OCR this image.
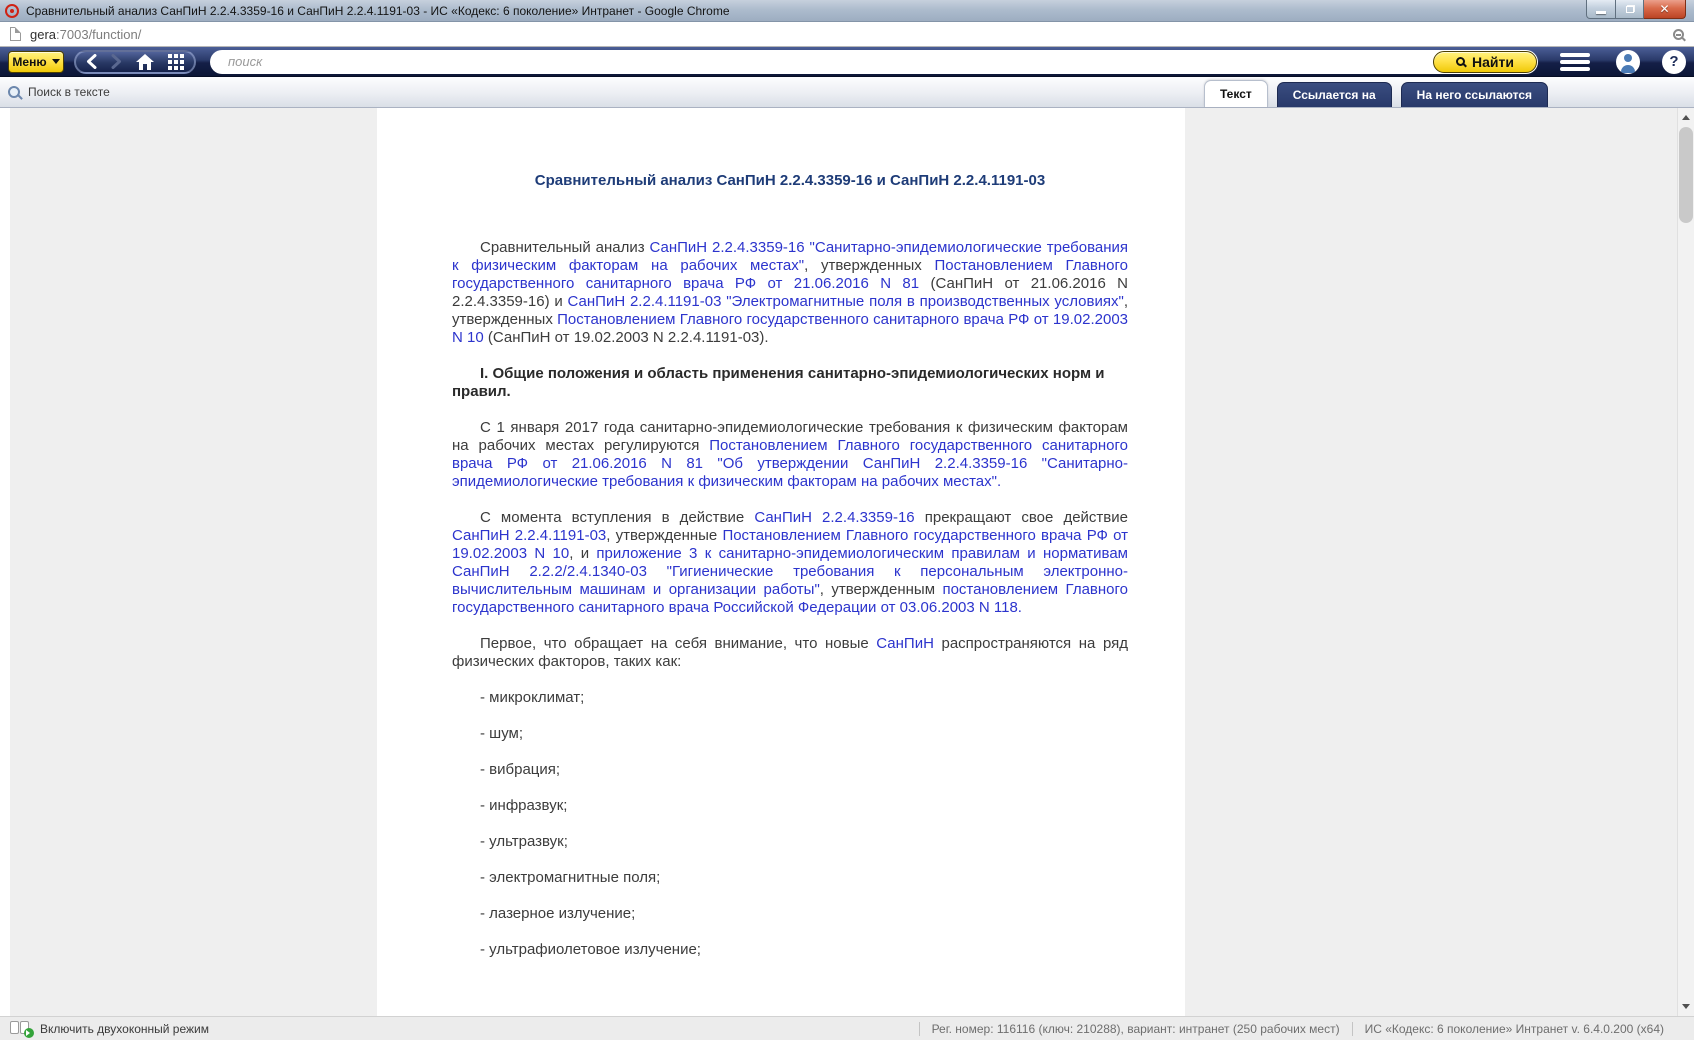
Сравнительный анализ СанПиН 2.2.4.3359-16 и СанПиН 2.2.4.1191-03 - ИС «Кодекс: 6 поколение» Интранет - Google Chrome	✕
gera:7003/function/
Меню
поиск	Найти	?
Поиск в тексте	Текст	Ссылается на	На него ссылаются
Сравнительный анализ СанПиН 2.2.4.3359-16 и СанПиН 2.2.4.1191-03

Сравнительный анализ СанПиН 2.2.4.3359-16 "Санитарно-эпидемиологические требования к физическим факторам на рабочих местах", утвержденных Постановлением Главного государственного санитарного врача РФ от 21.06.2016 N 81 (СанПиН от 21.06.2016 N 2.2.4.3359-16) и СанПиН 2.2.4.1191-03 "Электромагнитные поля в производственных условиях", утвержденных Постановлением Главного государственного санитарного врача РФ от 19.02.2003 N 10 (СанПиН от 19.02.2003 N 2.2.4.1191-03).

I. Общие положения и область применения санитарно-эпидемиологических норм и правил.

С 1 января 2017 года санитарно-эпидемиологические требования к физическим факторам на рабочих местах регулируются Постановлением Главного государственного санитарного врача РФ от 21.06.2016 N 81 "Об утверждении СанПиН 2.2.4.3359-16 "Санитарно-эпидемиологические требования к физическим факторам на рабочих местах".

С момента вступления в действие СанПиН 2.2.4.3359-16 прекращают свое действие СанПиН 2.2.4.1191-03, утвержденные Постановлением Главного государственного врача РФ от 19.02.2003 N 10, и приложение 3 к санитарно-эпидемиологическим правилам и нормативам СанПиН 2.2.2/2.4.1340-03 "Гигиенические требования к персональным электронно-вычислительным машинам и организации работы", утвержденным постановлением Главного государственного санитарного врача Российской Федерации от 03.06.2003 N 118.

Первое, что обращает на себя внимание, что новые СанПиН распространяются на ряд физических факторов, таких как:

- микроклимат;

- шум;

- вибрация;

- инфразвук;

- ультразвук;

- электромагнитные поля;

- лазерное излучение;

- ультрафиолетовое излучение;

Включить двухоконный режим	Рег. номер: 116116 (ключ: 210288), вариант: интранет (250 рабочих мест) ИС «Кодекс: 6 поколение» Интранет v. 6.4.0.200 (x64)
